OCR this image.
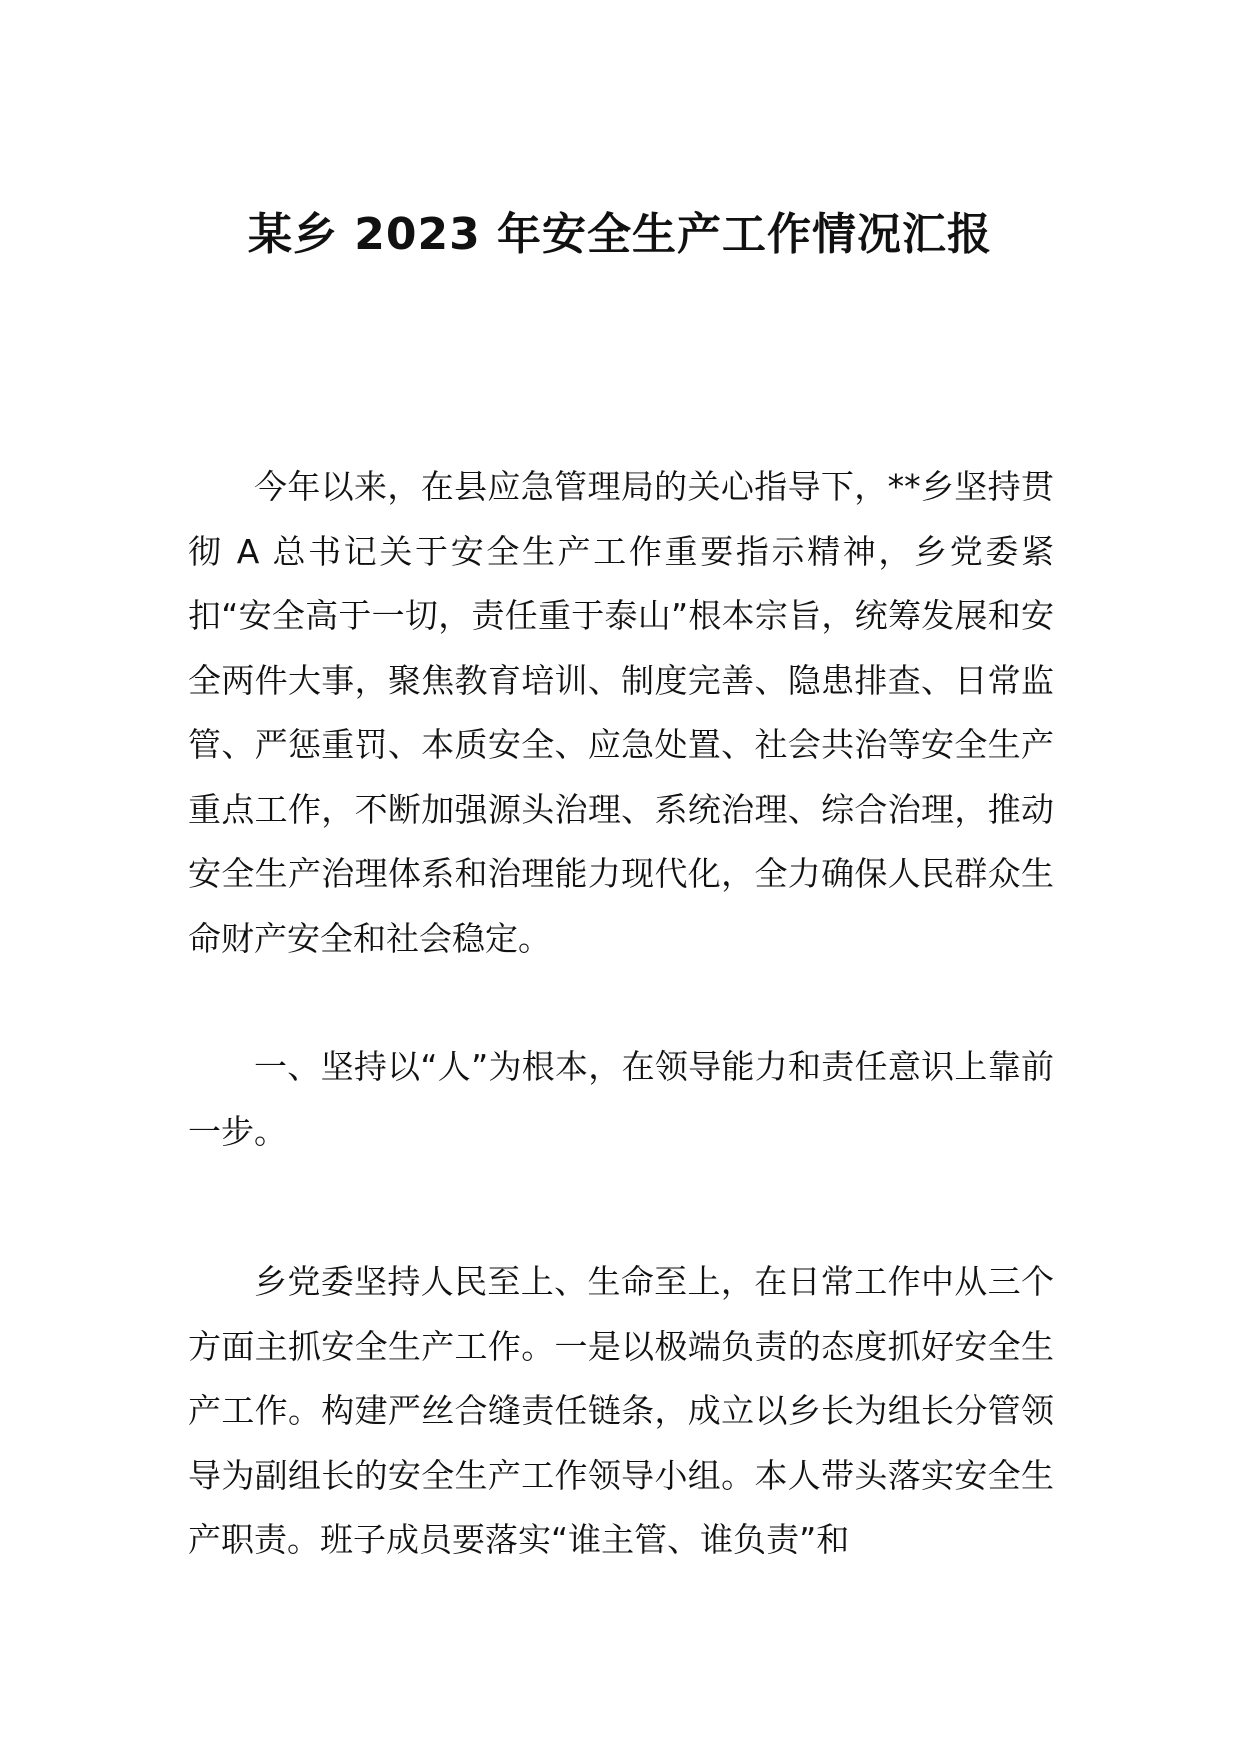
某乡 2023 年安全生产工作情况汇报

今年以来，在县应急管理局的关心指导下，**乡坚持贯彻 A 总书记关于安全生产工作重要指示精神，乡党委紧扣“安全高于一切，责任重于泰山”根本宗旨，统筹发展和安全两件大事，聚焦教育培训、制度完善、隐患排查、日常监管、严惩重罚、本质安全、应急处置、社会共治等安全生产重点工作，不断加强源头治理、系统治理、综合治理，推动安全生产治理体系和治理能力现代化，全力确保人民群众生命财产安全和社会稳定。

一、坚持以“人”为根本，在领导能力和责任意识上靠前一步。

乡党委坚持人民至上、生命至上，在日常工作中从三个方面主抓安全生产工作。一是以极端负责的态度抓好安全生产工作。构建严丝合缝责任链条，成立以乡长为组长分管领导为副组长的安全生产工作领导小组。本人带头落实安全生产职责。班子成员要落实“谁主管、谁负责”和
